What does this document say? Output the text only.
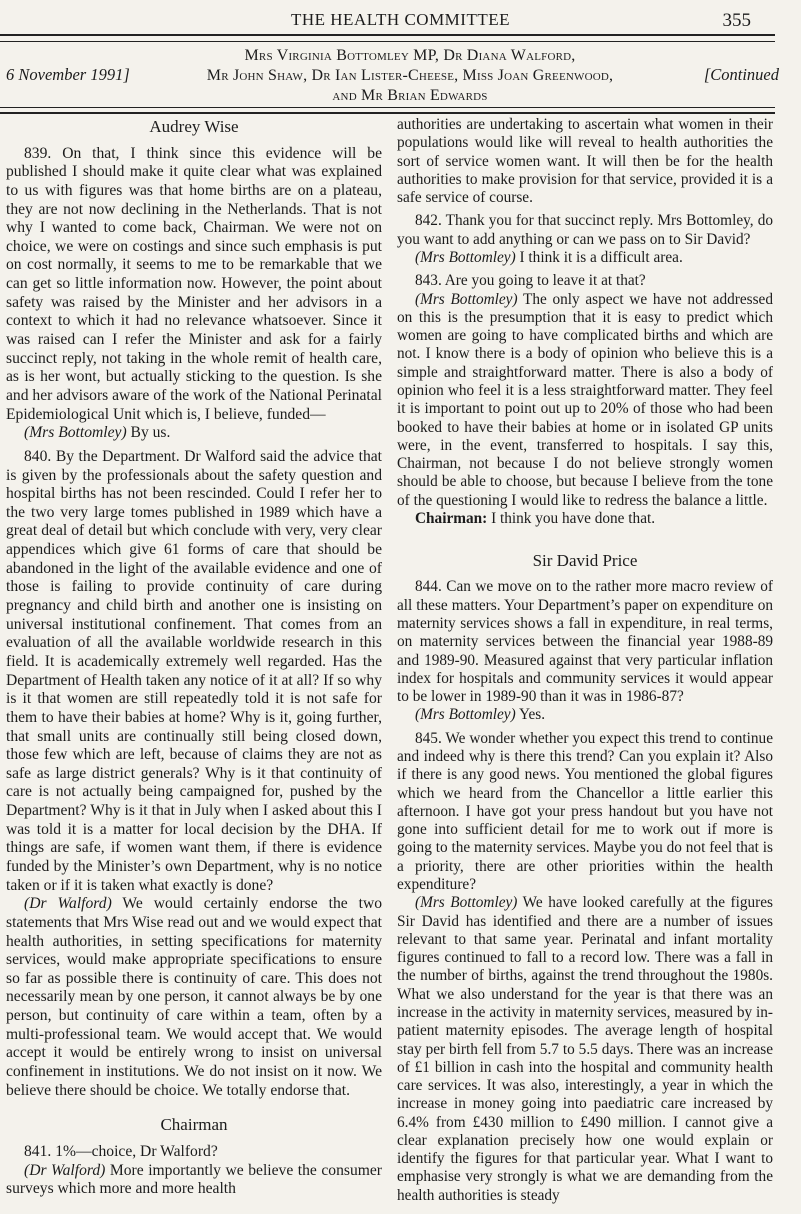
THE HEALTH COMMITTEE	355
6 November 1991]
Mrs Virginia Bottomley MP, Dr Diana Walford,
Mr John Shaw, Dr Ian Lister-Cheese, Miss Joan Greenwood,
and Mr Brian Edwards
[Continued

Audrey Wise

839. On that, I think since this evidence will be published I should make it quite clear what was explained to us with figures was that home births are on a plateau, they are not now declining in the Netherlands. That is not why I wanted to come back, Chairman. We were not on choice, we were on costings and since such emphasis is put on cost normally, it seems to me to be remarkable that we can get so little information now. However, the point about safety was raised by the Minister and her advisors in a context to which it had no relevance whatsoever. Since it was raised can I refer the Minister and ask for a fairly succinct reply, not taking in the whole remit of health care, as is her wont, but actually sticking to the question. Is she and her advisors aware of the work of the National Perinatal Epidemiological Unit which is, I believe, funded—

(Mrs Bottomley) By us.

840. By the Department. Dr Walford said the advice that is given by the professionals about the safety question and hospital births has not been rescinded. Could I refer her to the two very large tomes published in 1989 which have a great deal of detail but which conclude with very, very clear appendices which give 61 forms of care that should be abandoned in the light of the available evidence and one of those is failing to provide continuity of care during pregnancy and child birth and another one is insisting on universal institutional confinement. That comes from an evaluation of all the available worldwide research in this field. It is academically extremely well regarded. Has the Department of Health taken any notice of it at all? If so why is it that women are still repeatedly told it is not safe for them to have their babies at home? Why is it, going further, that small units are continually still being closed down, those few which are left, because of claims they are not as safe as large district generals? Why is it that continuity of care is not actually being campaigned for, pushed by the Department? Why is it that in July when I asked about this I was told it is a matter for local decision by the DHA. If things are safe, if women want them, if there is evidence funded by the Minister’s own Department, why is no notice taken or if it is taken what exactly is done?

(Dr Walford) We would certainly endorse the two statements that Mrs Wise read out and we would expect that health authorities, in setting specifications for maternity services, would make appropriate specifications to ensure so far as possible there is continuity of care. This does not necessarily mean by one person, it cannot always be by one person, but continuity of care within a team, often by a multi-professional team. We would accept that. We would accept it would be entirely wrong to insist on universal confinement in institutions. We do not insist on it now. We believe there should be choice. We totally endorse that.

Chairman

841. 1%—choice, Dr Walford?

(Dr Walford) More importantly we believe the consumer surveys which more and more health

authorities are undertaking to ascertain what women in their populations would like will reveal to health authorities the sort of service women want. It will then be for the health authorities to make provision for that service, provided it is a safe service of course.

842. Thank you for that succinct reply. Mrs Bottomley, do you want to add anything or can we pass on to Sir David?

(Mrs Bottomley) I think it is a difficult area.

843. Are you going to leave it at that?

(Mrs Bottomley) The only aspect we have not addressed on this is the presumption that it is easy to predict which women are going to have complicated births and which are not. I know there is a body of opinion who believe this is a simple and straightforward matter. There is also a body of opinion who feel it is a less straightforward matter. They feel it is important to point out up to 20% of those who had been booked to have their babies at home or in isolated GP units were, in the event, transferred to hospitals. I say this, Chairman, not because I do not believe strongly women should be able to choose, but because I believe from the tone of the questioning I would like to redress the balance a little.

Chairman: I think you have done that.

Sir David Price

844. Can we move on to the rather more macro review of all these matters. Your Department’s paper on expenditure on maternity services shows a fall in expenditure, in real terms, on maternity services between the financial year 1988-89 and 1989-90. Measured against that very particular inflation index for hospitals and community services it would appear to be lower in 1989-90 than it was in 1986-87?

(Mrs Bottomley) Yes.

845. We wonder whether you expect this trend to continue and indeed why is there this trend? Can you explain it? Also if there is any good news. You mentioned the global figures which we heard from the Chancellor a little earlier this afternoon. I have got your press handout but you have not gone into sufficient detail for me to work out if more is going to the maternity services. Maybe you do not feel that is a priority, there are other priorities within the health expenditure?

(Mrs Bottomley) We have looked carefully at the figures Sir David has identified and there are a number of issues relevant to that same year. Perinatal and infant mortality figures continued to fall to a record low. There was a fall in the number of births, against the trend throughout the 1980s. What we also understand for the year is that there was an increase in the activity in maternity services, measured by in-patient maternity episodes. The average length of hospital stay per birth fell from 5.7 to 5.5 days. There was an increase of £1 billion in cash into the hospital and community health care services. It was also, interestingly, a year in which the increase in money going into paediatric care increased by 6.4% from £430 million to £490 million. I cannot give a clear explanation precisely how one would explain or identify the figures for that particular year. What I want to emphasise very strongly is what we are demanding from the health authorities is steady
